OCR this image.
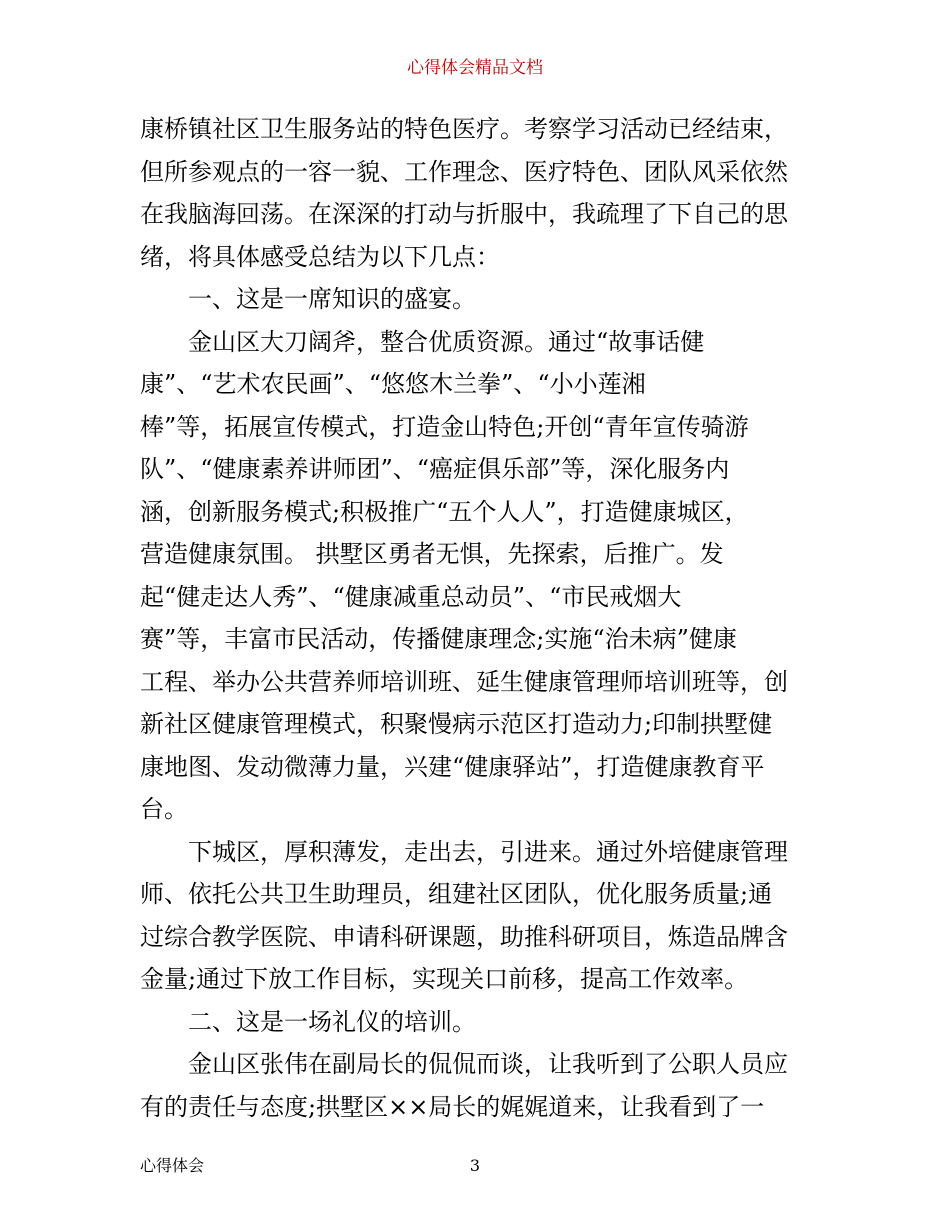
心得体会精品文档
康桥镇社区卫生服务站的特色医疗。考察学习活动已经结束，
但所参观点的一容一貌、工作理念、医疗特色、团队风采依然
在我脑海回荡。在深深的打动与折服中，我疏理了下自己的思
绪，将具体感受总结为以下几点：
一、这是一席知识的盛宴。
金山区大刀阔斧，整合优质资源。通过“故事话健
康”、“艺术农民画”、“悠悠木兰拳”、“小小莲湘
棒”等，拓展宣传模式，打造金山特色;开创“青年宣传骑游
队”、“健康素养讲师团”、“癌症俱乐部”等，深化服务内
涵，创新服务模式;积极推广“五个人人”，打造健康城区，
营造健康氛围。 拱墅区勇者无惧，先探索，后推广。发
起“健走达人秀”、“健康减重总动员”、“市民戒烟大
赛”等，丰富市民活动，传播健康理念;实施“治未病”健康
工程、举办公共营养师培训班、延生健康管理师培训班等，创
新社区健康管理模式，积聚慢病示范区打造动力;印制拱墅健
康地图、发动微薄力量，兴建“健康驿站”，打造健康教育平
台。
下城区，厚积薄发，走出去，引进来。通过外培健康管理
师、依托公共卫生助理员，组建社区团队，优化服务质量;通
过综合教学医院、申请科研课题，助推科研项目，炼造品牌含
金量;通过下放工作目标，实现关口前移，提高工作效率。
二、这是一场礼仪的培训。
金山区张伟在副局长的侃侃而谈，让我听到了公职人员应
有的责任与态度;拱墅区××局长的娓娓道来，让我看到了一
心得体会	3
